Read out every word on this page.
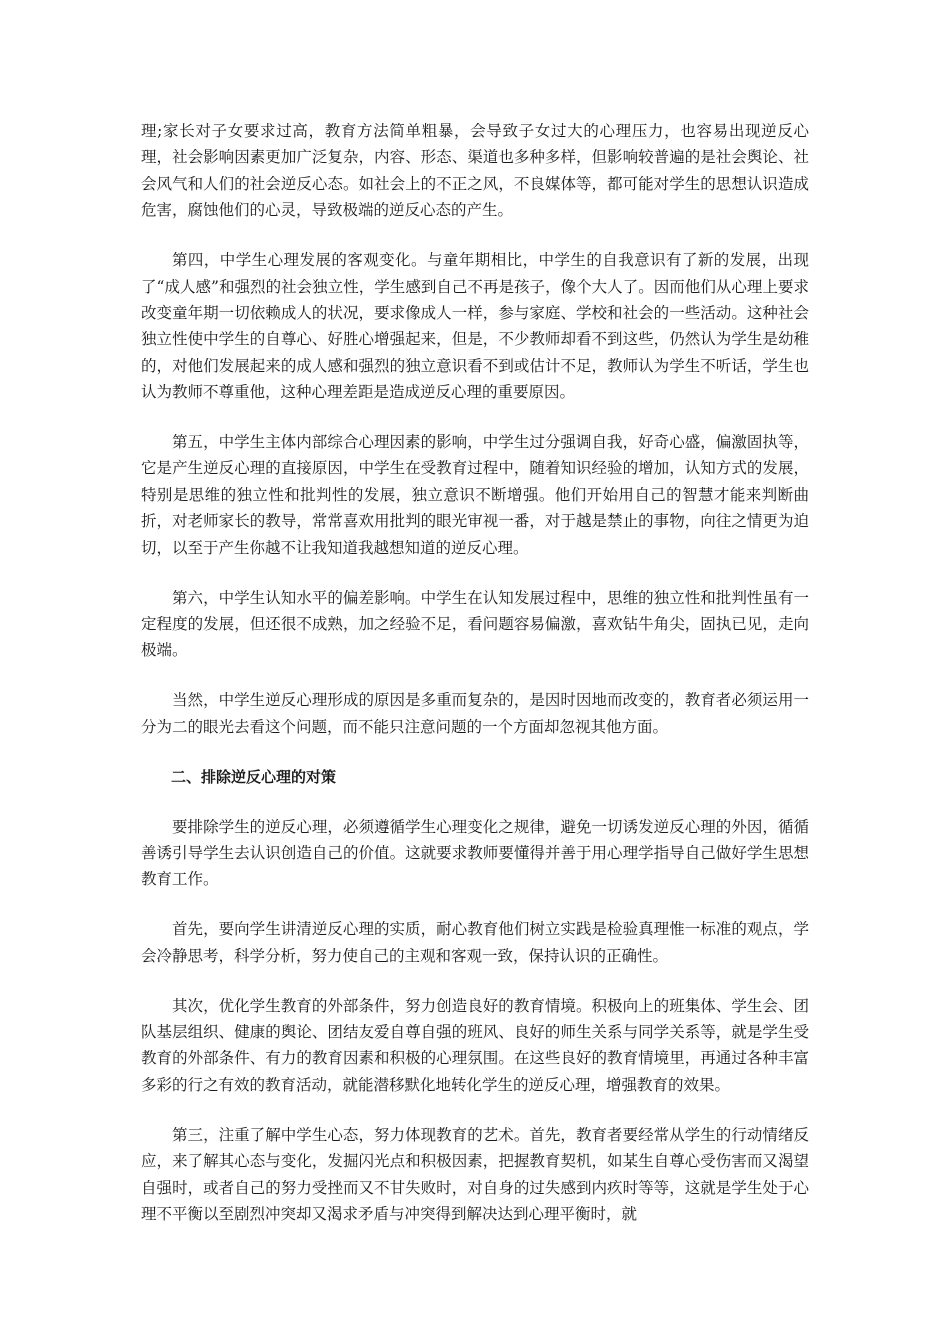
理;家长对子女要求过高，教育方法简单粗暴，会导致子女过大的心理压力，也容易出现逆反心理，社会影响因素更加广泛复杂，内容、形态、渠道也多种多样，但影响较普遍的是社会舆论、社会风气和人们的社会逆反心态。如社会上的不正之风，不良媒体等，都可能对学生的思想认识造成危害，腐蚀他们的心灵，导致极端的逆反心态的产生。

第四，中学生心理发展的客观变化。与童年期相比，中学生的自我意识有了新的发展，出现了“成人感”和强烈的社会独立性，学生感到自己不再是孩子，像个大人了。因而他们从心理上要求改变童年期一切依赖成人的状况，要求像成人一样，参与家庭、学校和社会的一些活动。这种社会独立性使中学生的自尊心、好胜心增强起来，但是，不少教师却看不到这些，仍然认为学生是幼稚的，对他们发展起来的成人感和强烈的独立意识看不到或估计不足，教师认为学生不听话，学生也认为教师不尊重他，这种心理差距是造成逆反心理的重要原因。

第五，中学生主体内部综合心理因素的影响，中学生过分强调自我，好奇心盛，偏激固执等，它是产生逆反心理的直接原因，中学生在受教育过程中，随着知识经验的增加，认知方式的发展，特别是思维的独立性和批判性的发展，独立意识不断增强。他们开始用自己的智慧才能来判断曲折，对老师家长的教导，常常喜欢用批判的眼光审视一番，对于越是禁止的事物，向往之情更为迫切，以至于产生你越不让我知道我越想知道的逆反心理。

第六，中学生认知水平的偏差影响。中学生在认知发展过程中，思维的独立性和批判性虽有一定程度的发展，但还很不成熟，加之经验不足，看问题容易偏激，喜欢钻牛角尖，固执已见，走向极端。

当然，中学生逆反心理形成的原因是多重而复杂的，是因时因地而改变的，教育者必须运用一分为二的眼光去看这个问题，而不能只注意问题的一个方面却忽视其他方面。

二、排除逆反心理的对策

要排除学生的逆反心理，必须遵循学生心理变化之规律，避免一切诱发逆反心理的外因，循循善诱引导学生去认识创造自己的价值。这就要求教师要懂得并善于用心理学指导自己做好学生思想教育工作。

首先，要向学生讲清逆反心理的实质，耐心教育他们树立实践是检验真理惟一标准的观点，学会冷静思考，科学分析，努力使自己的主观和客观一致，保持认识的正确性。

其次，优化学生教育的外部条件，努力创造良好的教育情境。积极向上的班集体、学生会、团队基层组织、健康的舆论、团结友爱自尊自强的班风、良好的师生关系与同学关系等，就是学生受教育的外部条件、有力的教育因素和积极的心理氛围。在这些良好的教育情境里，再通过各种丰富多彩的行之有效的教育活动，就能潜移默化地转化学生的逆反心理，增强教育的效果。

第三，注重了解中学生心态，努力体现教育的艺术。首先，教育者要经常从学生的行动情绪反应，来了解其心态与变化，发掘闪光点和积极因素，把握教育契机，如某生自尊心受伤害而又渴望自强时，或者自己的努力受挫而又不甘失败时，对自身的过失感到内疚时等等，这就是学生处于心理不平衡以至剧烈冲突却又渴求矛盾与冲突得到解决达到心理平衡时，就
